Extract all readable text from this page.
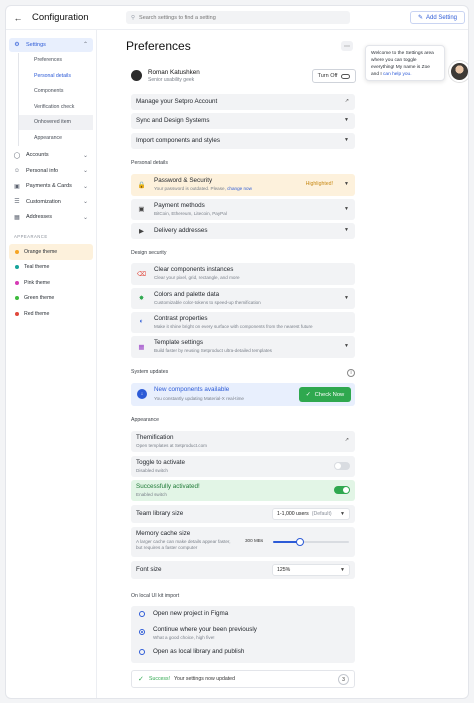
← Configuration	⚲
Search settings to find a setting	✎ Add Setting
⚙ Settings	⌃
Preferences
Personal details
Components
Verification check
Onhovered item
Appearance
◯ Accounts	⌄
☺ Personal info	⌄
▣ Payments & Cards ⌄
☰ Customization	⌄
▦ Addresses	⌄
APPEARANCE
Orange theme
Teal theme
Pink theme
Green theme
Red theme
Preferences	⋯
Roman Katushken
Senior usability geek
Turn Off
Manage your Setpro Account	↗
Sync and Design Systems	▼
Import components and styles	▼
Personal details
🔒
Password & Security
Your password is outdated. Please, change now
Highlighted! ▼
▣ Payment methods
BitCoin, Ethereum, Litecoin, PayPal
▼
▶	Delivery addresses	▼
Design security
⌫
Clear components instances
Clear your pixel, grid, rectangle, and more
✸ Colors and palette data
Customizable color-tokens to speed-up themification
▼
◐	Contrast properties
Make it shine bright on every surface with components from the nearest future
▦
Template settings
Build faster by reusing Setproduct ultra-detailed templates
▼
System updates	i
↓
New components available
You constantly updating Material-X real-time
✓ Check Now
Appearance
Themification
Open templates at Setproduct.com
↗
Toggle to activate
Disabled switch
Successfully activated!
Enabled switch
Team library size	1-1,000 users (Default) ▼
Memory cache size
A larger cache can make details appear faster, but requires a faster computer
300 MBs
Font size	125%	▼
On local UI kit import
Open new project in Figma
Continue where your been previously
What a good choice, high five!
Open as local library and publish
✓ Success! Your settings now updated	3
Welcome to the Settings area where you can toggle everything! My name is Zoe and I can help you.
